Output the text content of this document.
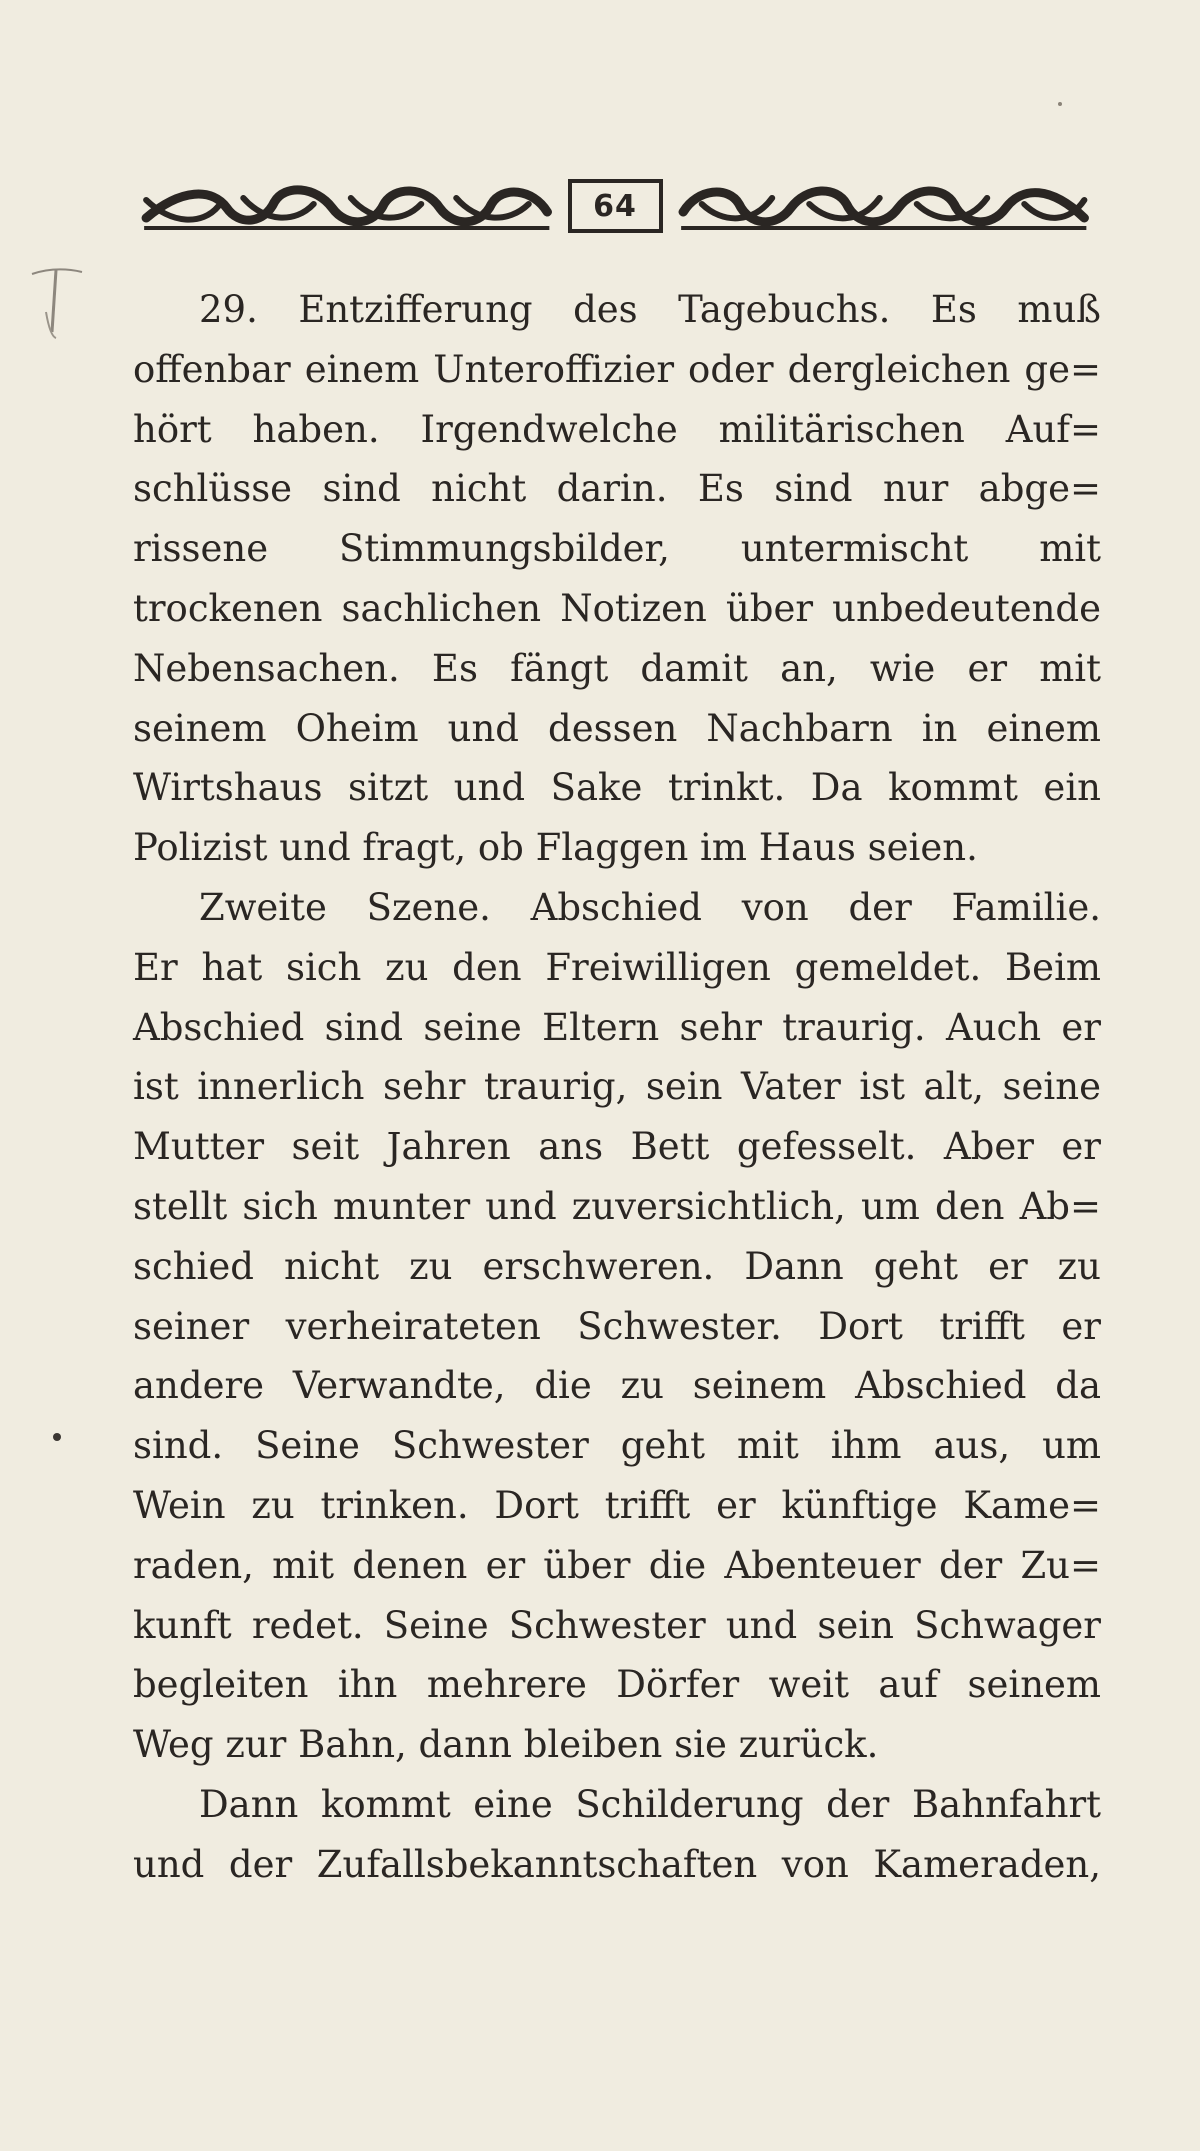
64
29. Entzifferung des Tagebuchs. Es muß
offenbar einem Unteroffizier oder dergleichen ge=
hört haben. Irgendwelche militärischen Auf=
schlüsse sind nicht darin. Es sind nur abge=
rissene Stimmungsbilder, untermischt mit
trockenen sachlichen Notizen über unbedeutende
Nebensachen. Es fängt damit an, wie er mit
seinem Oheim und dessen Nachbarn in einem
Wirtshaus sitzt und Sake trinkt. Da kommt ein
Polizist und fragt, ob Flaggen im Haus seien.
Zweite Szene. Abschied von der Familie.
Er hat sich zu den Freiwilligen gemeldet. Beim
Abschied sind seine Eltern sehr traurig. Auch er
ist innerlich sehr traurig, sein Vater ist alt, seine
Mutter seit Jahren ans Bett gefesselt. Aber er
stellt sich munter und zuversichtlich, um den Ab=
schied nicht zu erschweren. Dann geht er zu
seiner verheirateten Schwester. Dort trifft er
andere Verwandte, die zu seinem Abschied da
sind. Seine Schwester geht mit ihm aus, um
Wein zu trinken. Dort trifft er künftige Kame=
raden, mit denen er über die Abenteuer der Zu=
kunft redet. Seine Schwester und sein Schwager
begleiten ihn mehrere Dörfer weit auf seinem
Weg zur Bahn, dann bleiben sie zurück.
Dann kommt eine Schilderung der Bahnfahrt
und der Zufallsbekanntschaften von Kameraden,
